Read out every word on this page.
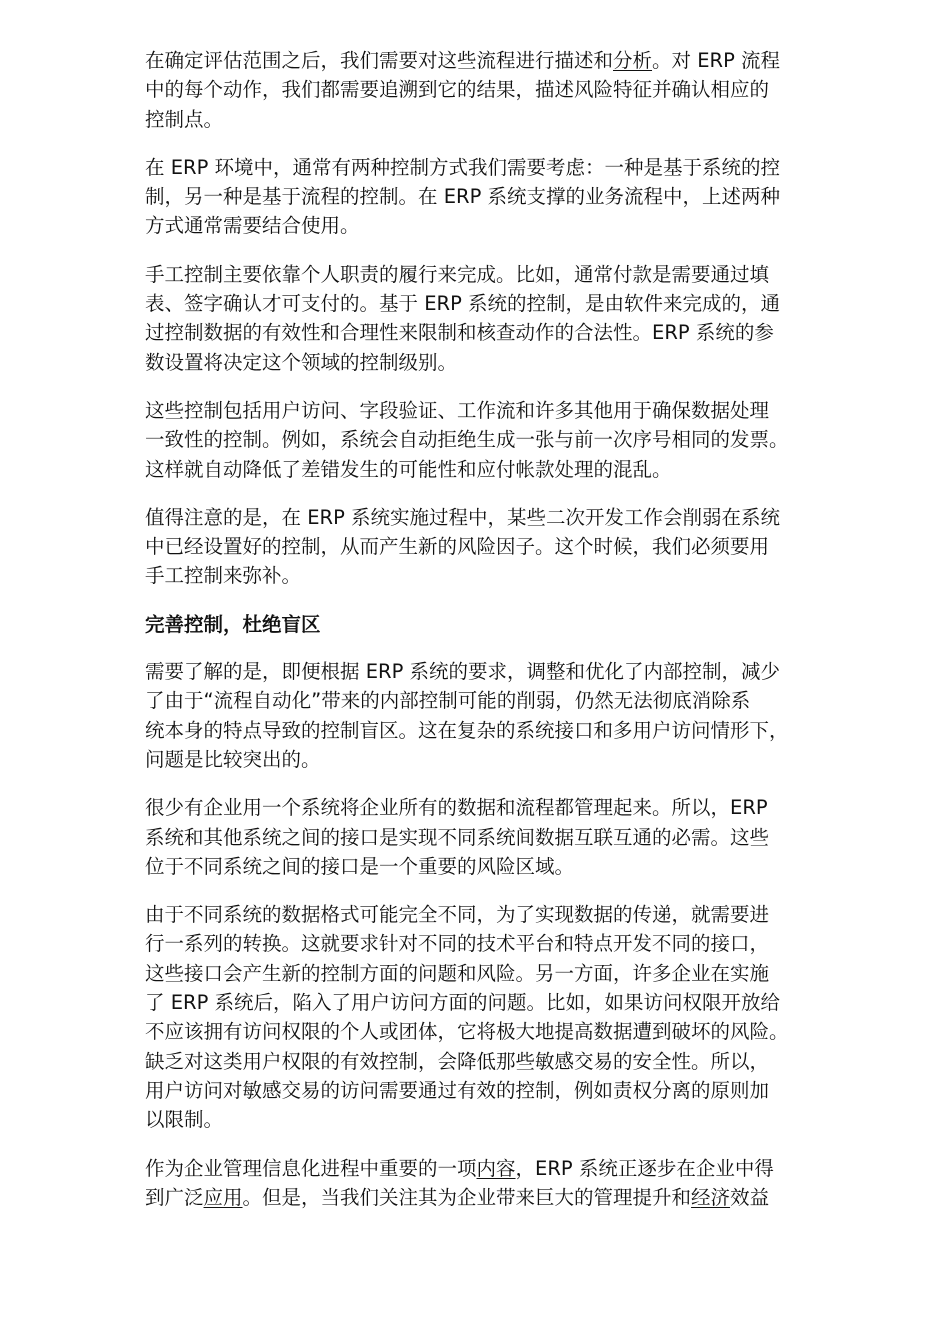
在确定评估范围之后，我们需要对这些流程进行描述和分析。对 ERP 流程
中的每个动作，我们都需要追溯到它的结果，描述风险特征并确认相应的
控制点。

在 ERP 环境中，通常有两种控制方式我们需要考虑：一种是基于系统的控
制，另一种是基于流程的控制。在 ERP 系统支撑的业务流程中，上述两种
方式通常需要结合使用。

手工控制主要依靠个人职责的履行来完成。比如，通常付款是需要通过填
表、签字确认才可支付的。基于 ERP 系统的控制，是由软件来完成的，通
过控制数据的有效性和合理性来限制和核查动作的合法性。ERP 系统的参
数设置将决定这个领域的控制级别。

这些控制包括用户访问、字段验证、工作流和许多其他用于确保数据处理
一致性的控制。例如，系统会自动拒绝生成一张与前一次序号相同的发票。
这样就自动降低了差错发生的可能性和应付帐款处理的混乱。

值得注意的是，在 ERP 系统实施过程中，某些二次开发工作会削弱在系统
中已经设置好的控制，从而产生新的风险因子。这个时候，我们必须要用
手工控制来弥补。

完善控制，杜绝盲区

需要了解的是，即便根据 ERP 系统的要求，调整和优化了内部控制，减少
了由于“流程自动化”带来的内部控制可能的削弱，仍然无法彻底消除系
统本身的特点导致的控制盲区。这在复杂的系统接口和多用户访问情形下，
问题是比较突出的。

很少有企业用一个系统将企业所有的数据和流程都管理起来。所以，ERP
系统和其他系统之间的接口是实现不同系统间数据互联互通的必需。这些
位于不同系统之间的接口是一个重要的风险区域。

由于不同系统的数据格式可能完全不同，为了实现数据的传递，就需要进
行一系列的转换。这就要求针对不同的技术平台和特点开发不同的接口，
这些接口会产生新的控制方面的问题和风险。另一方面，许多企业在实施
了 ERP 系统后，陷入了用户访问方面的问题。比如，如果访问权限开放给
不应该拥有访问权限的个人或团体，它将极大地提高数据遭到破坏的风险。
缺乏对这类用户权限的有效控制，会降低那些敏感交易的安全性。所以，
用户访问对敏感交易的访问需要通过有效的控制，例如责权分离的原则加
以限制。

作为企业管理信息化进程中重要的一项内容，ERP 系统正逐步在企业中得
到广泛应用。但是，当我们关注其为企业带来巨大的管理提升和经济效益
